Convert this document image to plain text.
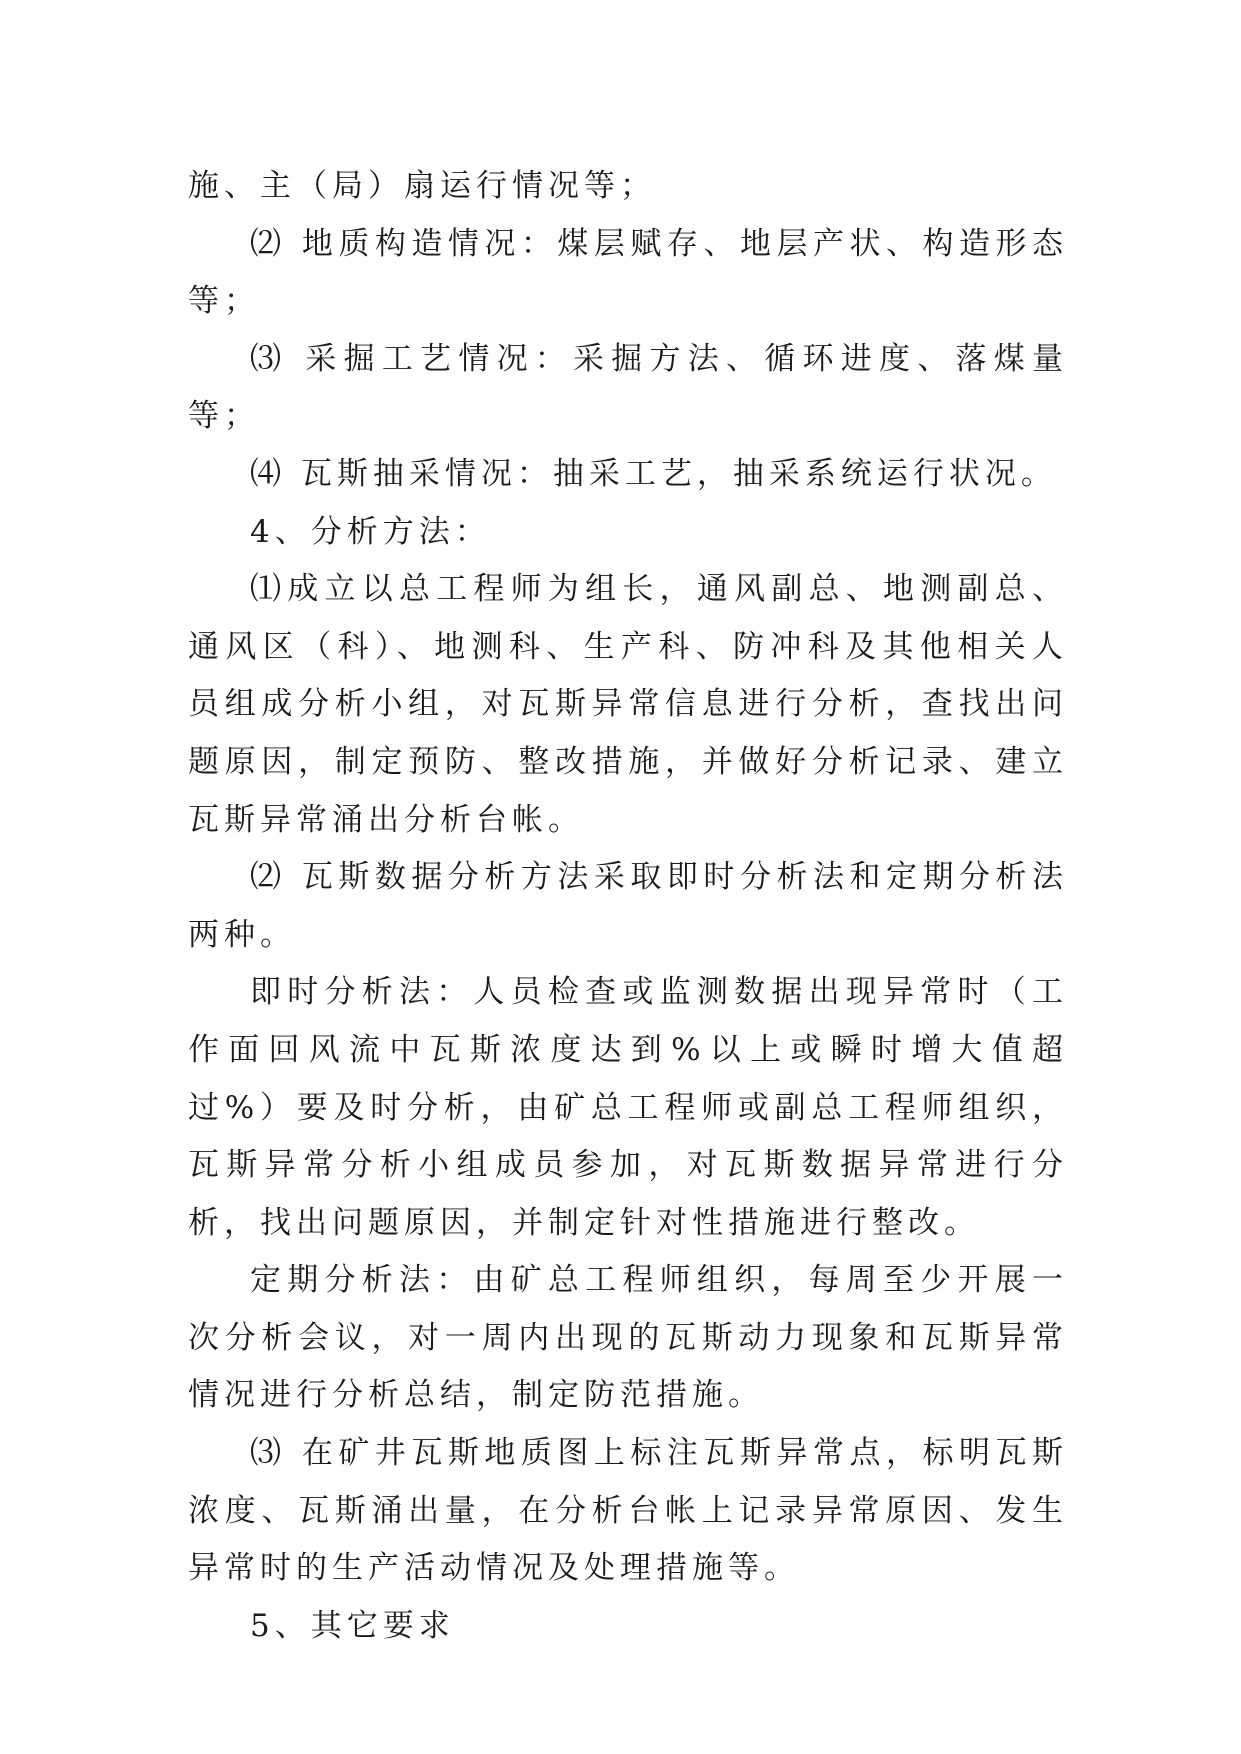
施、主（局）扇运行情况等；

⑵ 地质构造情况：煤层赋存、地层产状、构造形态等；

⑶ 采掘工艺情况：采掘方法、循环进度、落煤量等；

⑷ 瓦斯抽采情况：抽采工艺，抽采系统运行状况。

4、分析方法：

⑴成立以总工程师为组长，通风副总、地测副总、通风区（科）、地测科、生产科、防冲科及其他相关人员组成分析小组，对瓦斯异常信息进行分析，查找出问题原因，制定预防、整改措施，并做好分析记录、建立瓦斯异常涌出分析台帐。

⑵ 瓦斯数据分析方法采取即时分析法和定期分析法两种。

即时分析法：人员检查或监测数据出现异常时（工作面回风流中瓦斯浓度达到%以上或瞬时增大值超过%）要及时分析，由矿总工程师或副总工程师组织，瓦斯异常分析小组成员参加，对瓦斯数据异常进行分析，找出问题原因，并制定针对性措施进行整改。

定期分析法：由矿总工程师组织，每周至少开展一次分析会议，对一周内出现的瓦斯动力现象和瓦斯异常情况进行分析总结，制定防范措施。

⑶ 在矿井瓦斯地质图上标注瓦斯异常点，标明瓦斯浓度、瓦斯涌出量，在分析台帐上记录异常原因、发生异常时的生产活动情况及处理措施等。

5、其它要求
